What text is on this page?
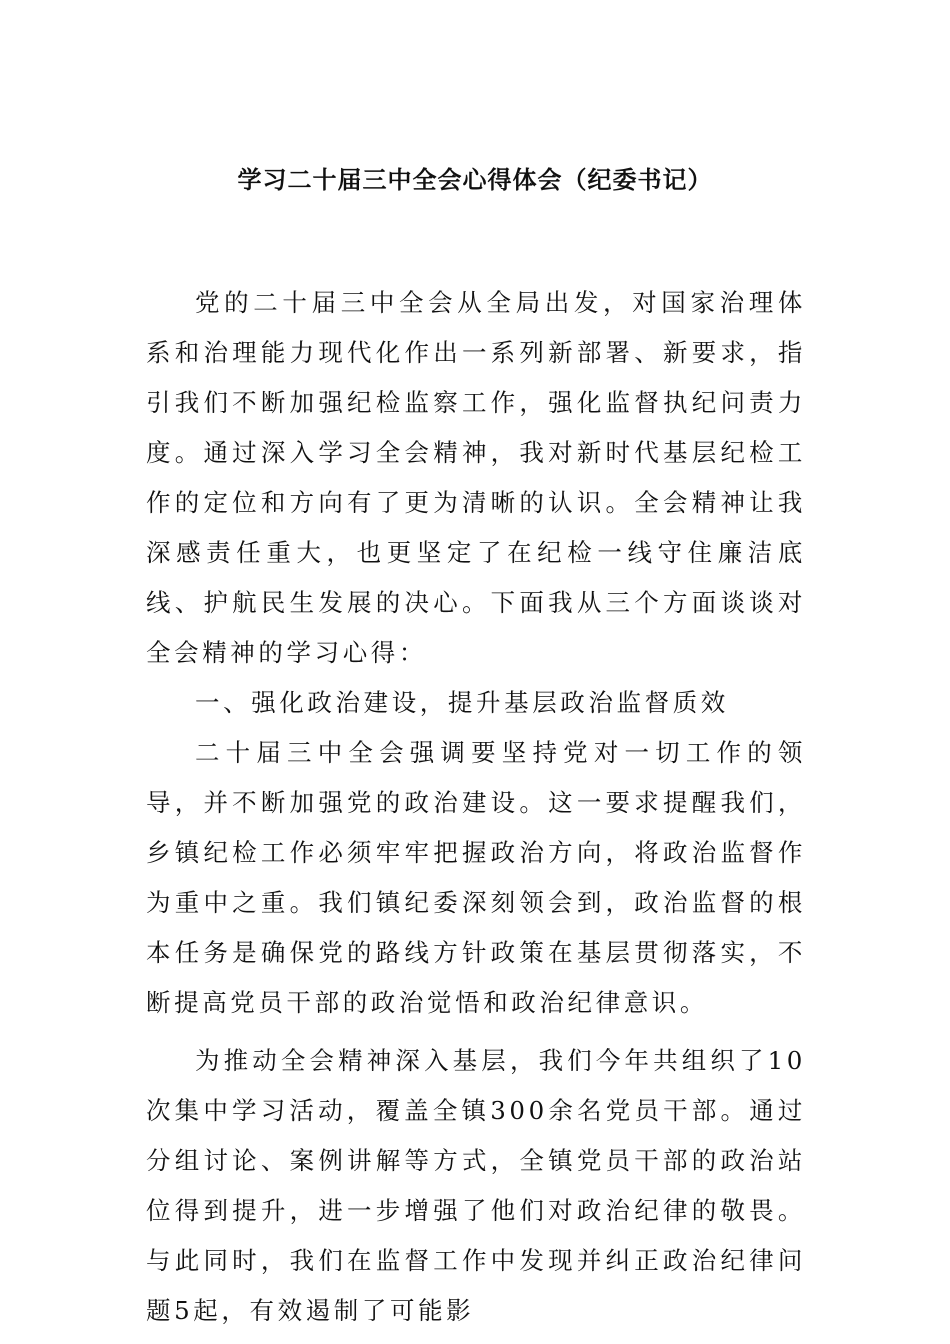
学习二十届三中全会心得体会（纪委书记）

党的二十届三中全会从全局出发，对国家治理体系和治理能力现代化作出一系列新部署、新要求，指引我们不断加强纪检监察工作，强化监督执纪问责力度。通过深入学习全会精神，我对新时代基层纪检工作的定位和方向有了更为清晰的认识。全会精神让我深感责任重大，也更坚定了在纪检一线守住廉洁底线、护航民生发展的决心。下面我从三个方面谈谈对全会精神的学习心得：

一、强化政治建设，提升基层政治监督质效

二十届三中全会强调要坚持党对一切工作的领导，并不断加强党的政治建设。这一要求提醒我们，乡镇纪检工作必须牢牢把握政治方向，将政治监督作为重中之重。我们镇纪委深刻领会到，政治监督的根本任务是确保党的路线方针政策在基层贯彻落实，不断提高党员干部的政治觉悟和政治纪律意识。

为推动全会精神深入基层，我们今年共组织了10次集中学习活动，覆盖全镇300余名党员干部。通过分组讨论、案例讲解等方式，全镇党员干部的政治站位得到提升，进一步增强了他们对政治纪律的敬畏。与此同时，我们在监督工作中发现并纠正政治纪律问题5起，有效遏制了可能影
